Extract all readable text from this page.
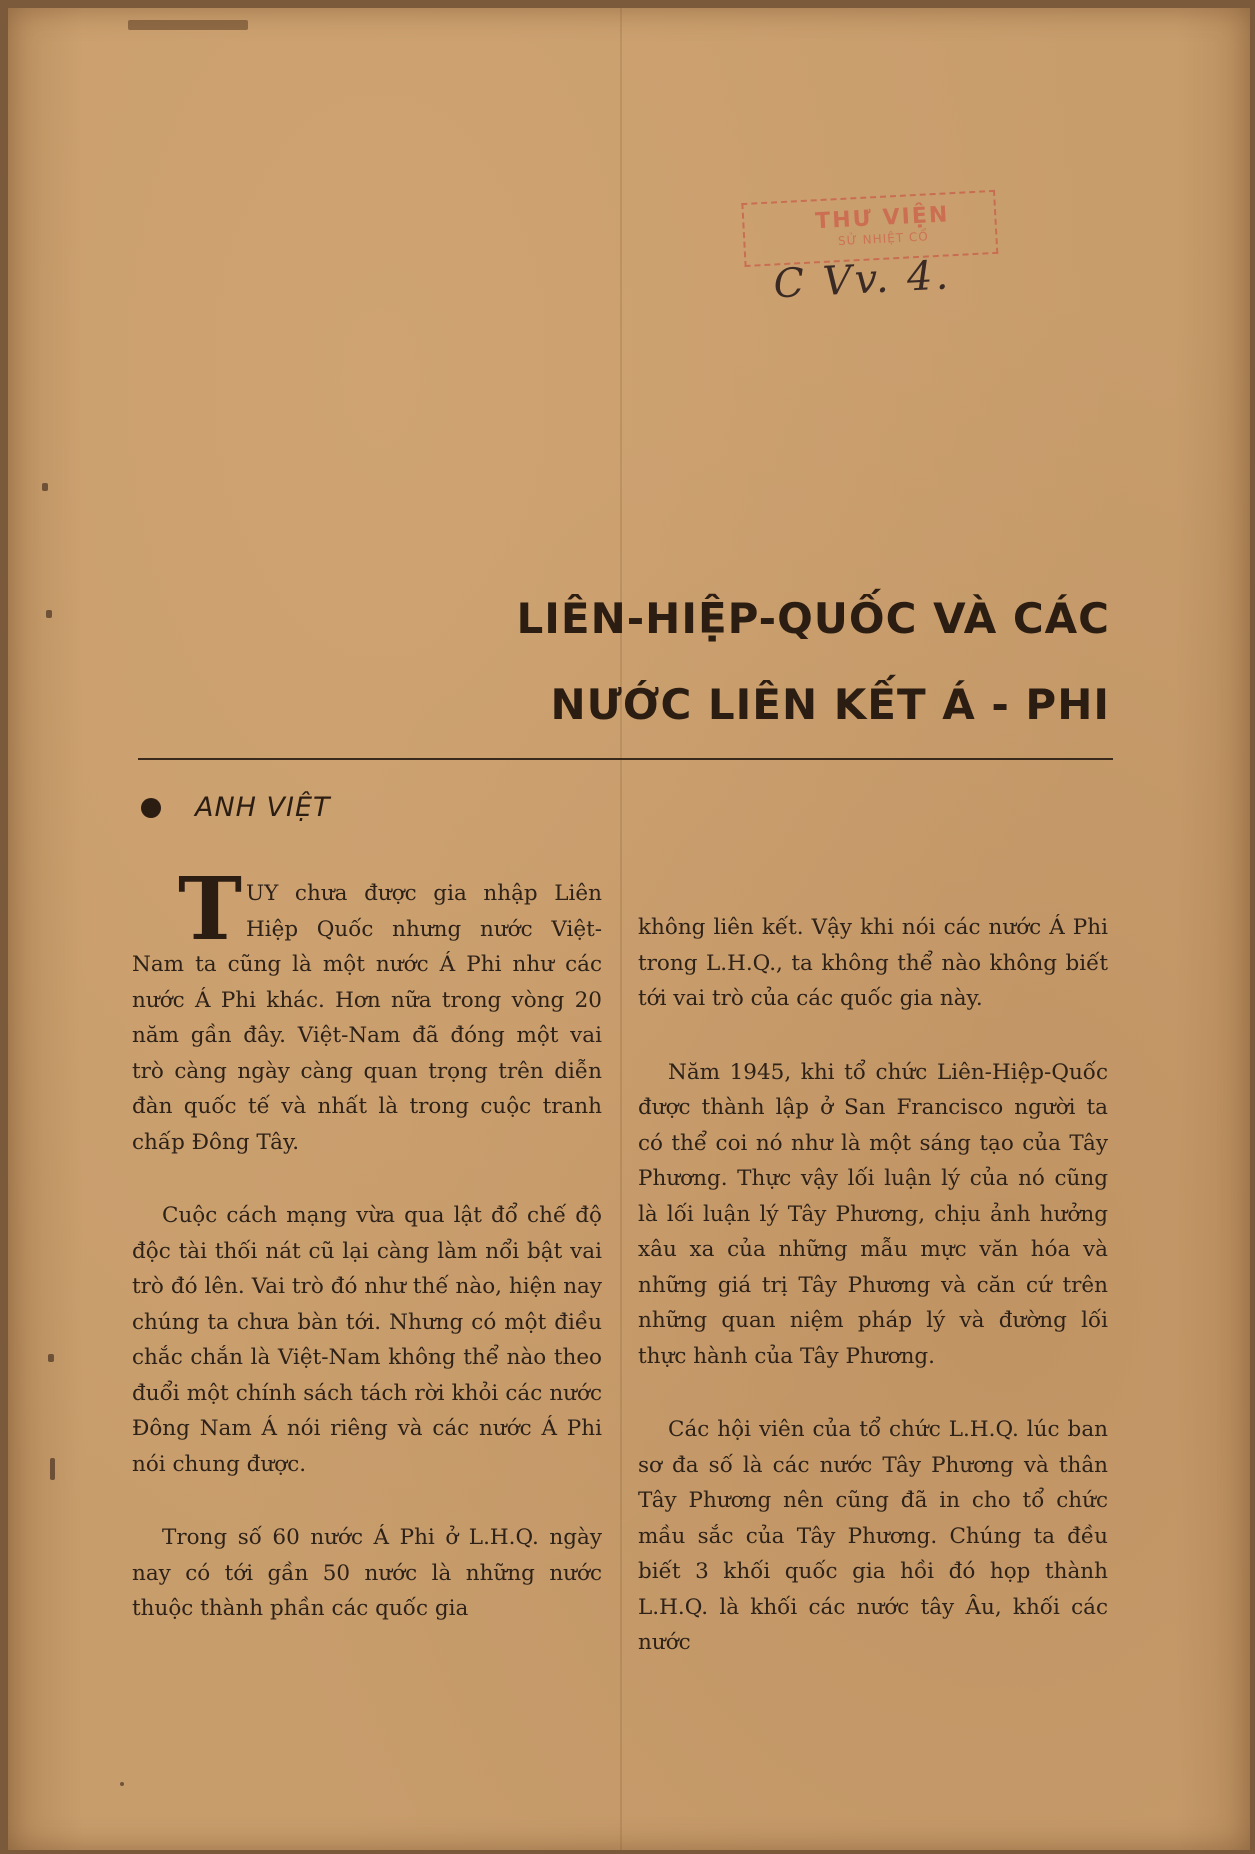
THƯ VIỆN
SỬ NHIỆT CỔ
C Vv. 4.
LIÊN-HIỆP-QUỐC VÀ CÁC
NƯỚC LIÊN KẾT Á - PHI
ANH VIỆT

TUY chưa được gia nhập Liên Hiệp Quốc nhưng nước Việt-Nam ta cũng là một nước Á Phi như các nước Á Phi khác. Hơn nữa trong vòng 20 năm gần đây. Việt-Nam đã đóng một vai trò càng ngày càng quan trọng trên diễn đàn quốc tế và nhất là trong cuộc tranh chấp Đông Tây.

Cuộc cách mạng vừa qua lật đổ chế độ độc tài thối nát cũ lại càng làm nổi bật vai trò đó lên. Vai trò đó như thế nào, hiện nay chúng ta chưa bàn tới. Nhưng có một điều chắc chắn là Việt-Nam không thể nào theo đuổi một chính sách tách rời khỏi các nước Đông Nam Á nói riêng và các nước Á Phi nói chung được.

Trong số 60 nước Á Phi ở L.H.Q. ngày nay có tới gần 50 nước là những nước thuộc thành phần các quốc gia

không liên kết. Vậy khi nói các nước Á Phi trong L.H.Q., ta không thể nào không biết tới vai trò của các quốc gia này.

Năm 1945, khi tổ chức Liên-Hiệp-Quốc được thành lập ở San Francisco người ta có thể coi nó như là một sáng tạo của Tây Phương. Thực vậy lối luận lý của nó cũng là lối luận lý Tây Phương, chịu ảnh hưởng xâu xa của những mẫu mực văn hóa và những giá trị Tây Phương và căn cứ trên những quan niệm pháp lý và đường lối thực hành của Tây Phương.

Các hội viên của tổ chức L.H.Q. lúc ban sơ đa số là các nước Tây Phương và thân Tây Phương nên cũng đã in cho tổ chức mầu sắc của Tây Phương. Chúng ta đều biết 3 khối quốc gia hồi đó họp thành L.H.Q. là khối các nước tây Âu, khối các nước
